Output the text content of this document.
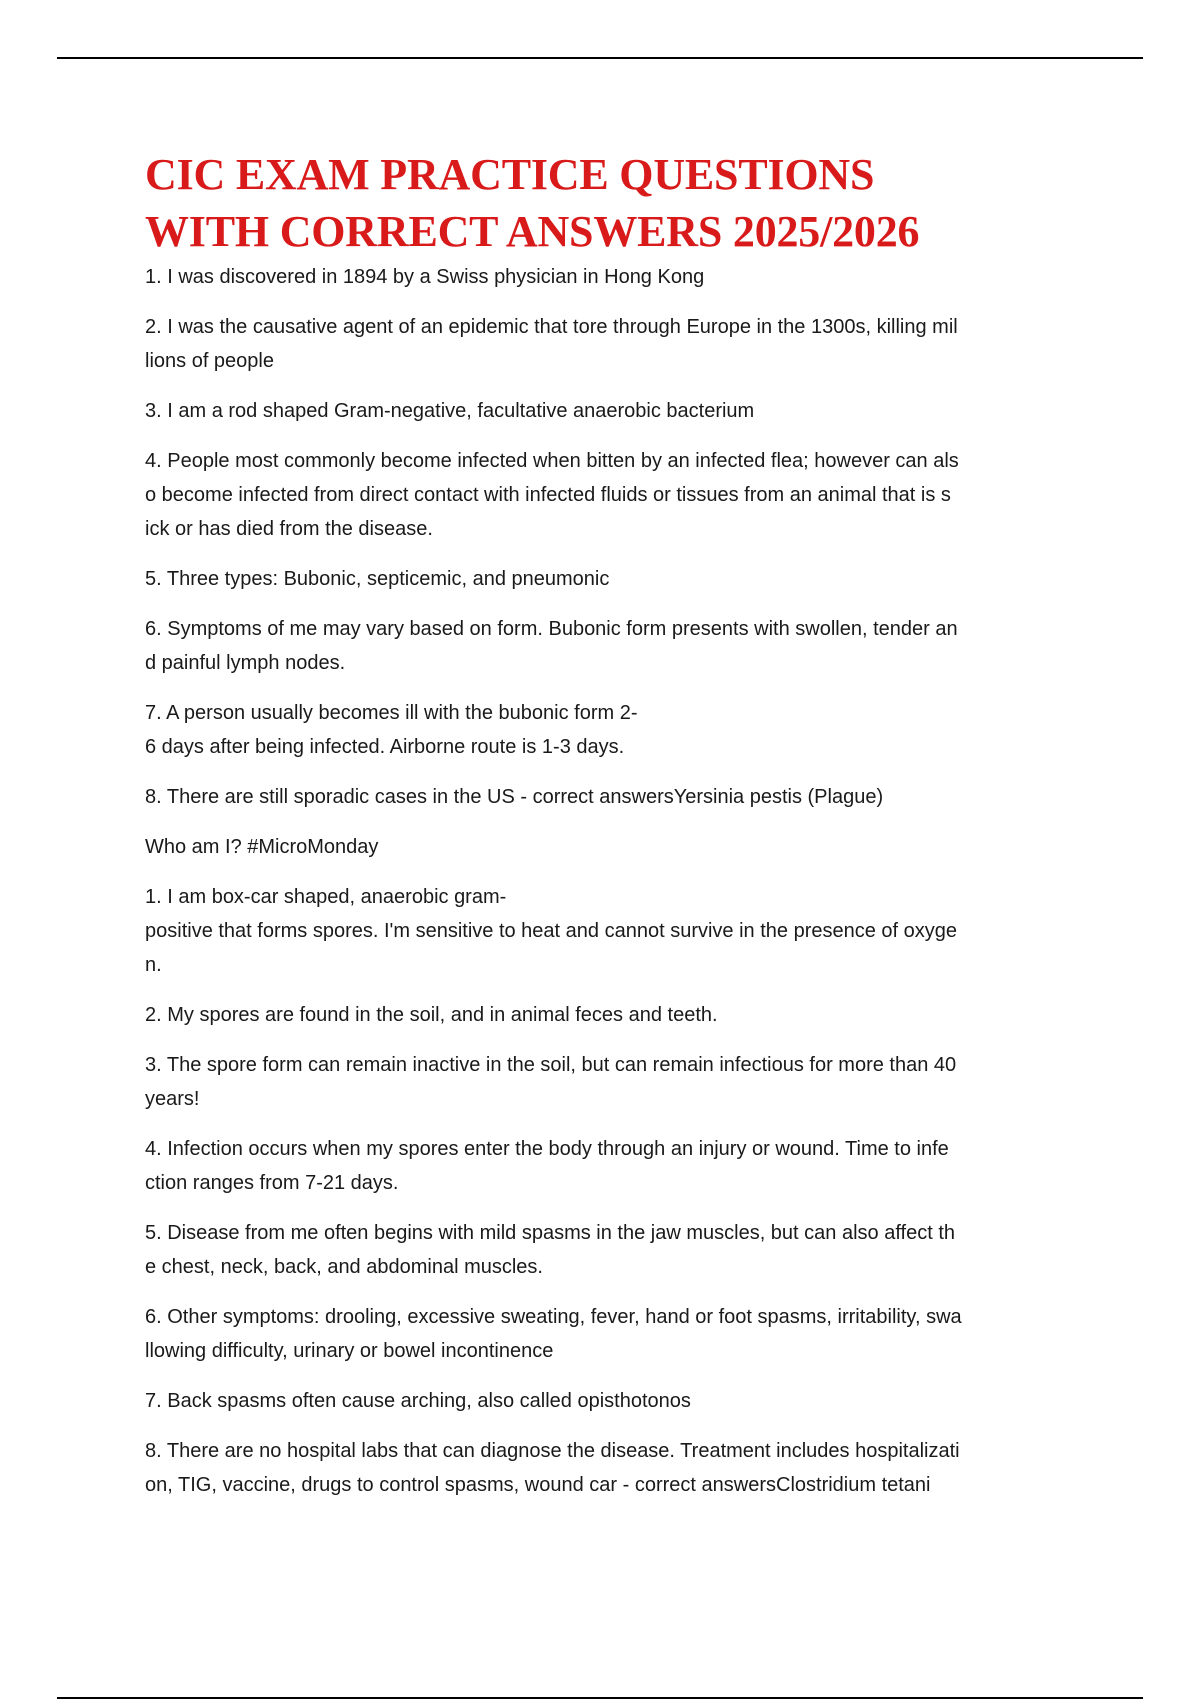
CIC EXAM PRACTICE QUESTIONS
WITH CORRECT ANSWERS 2025/2026

1. I was discovered in 1894 by a Swiss physician in Hong Kong

2. I was the causative agent of an epidemic that tore through Europe in the 1300s, killing mil
lions of people

3. I am a rod shaped Gram-negative, facultative anaerobic bacterium

4. People most commonly become infected when bitten by an infected flea; however can als
o become infected from direct contact with infected fluids or tissues from an animal that is s
ick or has died from the disease.

5. Three types: Bubonic, septicemic, and pneumonic

6. Symptoms of me may vary based on form. Bubonic form presents with swollen, tender an
d painful lymph nodes.

7. A person usually becomes ill with the bubonic form 2-
6 days after being infected. Airborne route is 1-3 days.

8. There are still sporadic cases in the US - correct answersYersinia pestis (Plague)

Who am I? #MicroMonday

1. I am box-car shaped, anaerobic gram-
positive that forms spores. I'm sensitive to heat and cannot survive in the presence of oxyge
n.

2. My spores are found in the soil, and in animal feces and teeth.

3. The spore form can remain inactive in the soil, but can remain infectious for more than 40
years!

4. Infection occurs when my spores enter the body through an injury or wound. Time to infe
ction ranges from 7-21 days.

5. Disease from me often begins with mild spasms in the jaw muscles, but can also affect th
e chest, neck, back, and abdominal muscles.

6. Other symptoms: drooling, excessive sweating, fever, hand or foot spasms, irritability, swa
llowing difficulty, urinary or bowel incontinence

7. Back spasms often cause arching, also called opisthotonos

8. There are no hospital labs that can diagnose the disease. Treatment includes hospitalizati
on, TIG, vaccine, drugs to control spasms, wound car - correct answersClostridium tetani
